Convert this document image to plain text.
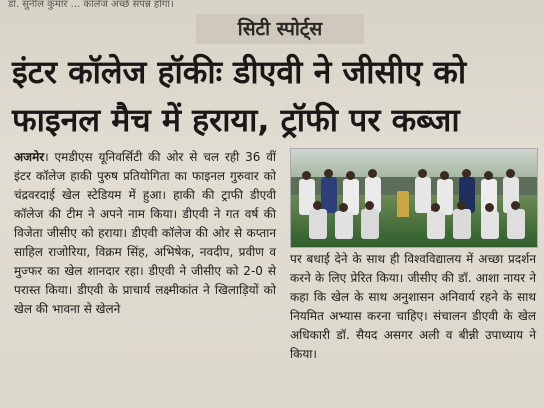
डॉ. सुनील कुमार ... कॉलेज अच्छे संपन्न होगा।
सिटी स्पोर्ट्स
इंटर कॉलेज हॉकीः डीएवी ने जीसीए को
फाइनल मैच में हराया, ट्रॉफी पर कब्जा
अजमेर। एमडीएस यूनिवर्सिटी की ओर से चल रही 36 वीं इंटर कॉलेज हाकी पुरुष प्रतियोगिता का फाइनल गुरुवार को चंद्रवरदाई खेल स्टेडियम में हुआ। हाकी की ट्राफी डीएवी कॉलेज की टीम ने अपने नाम किया। डीएवी ने गत वर्ष की विजेता जीसीए को हराया। डीएवी कॉलेज की ओर से कप्तान साहिल राजोरिया, विक्रम सिंह, अभिषेक, नवदीप, प्रवीण व मुज्फर का खेल शानदार रहा। डीएवी ने जीसीए को 2-0 से परास्त किया। डीएवी के प्राचार्य लक्ष्मीकांत ने खिलाड़ियों को खेल की भावना से खेलने
पर बधाई देने के साथ ही विश्वविद्यालय में अच्छा प्रदर्शन करने के लिए प्रेरित किया। जीसीए की डॉ. आशा नायर ने कहा कि खेल के साथ अनुशासन अनिवार्य रहने के साथ नियमित अभ्यास करना चाहिए। संचालन डीएवी के खेल अधिकारी डॉ. सैयद असगर अली व बीन्नी उपाध्याय ने किया।
